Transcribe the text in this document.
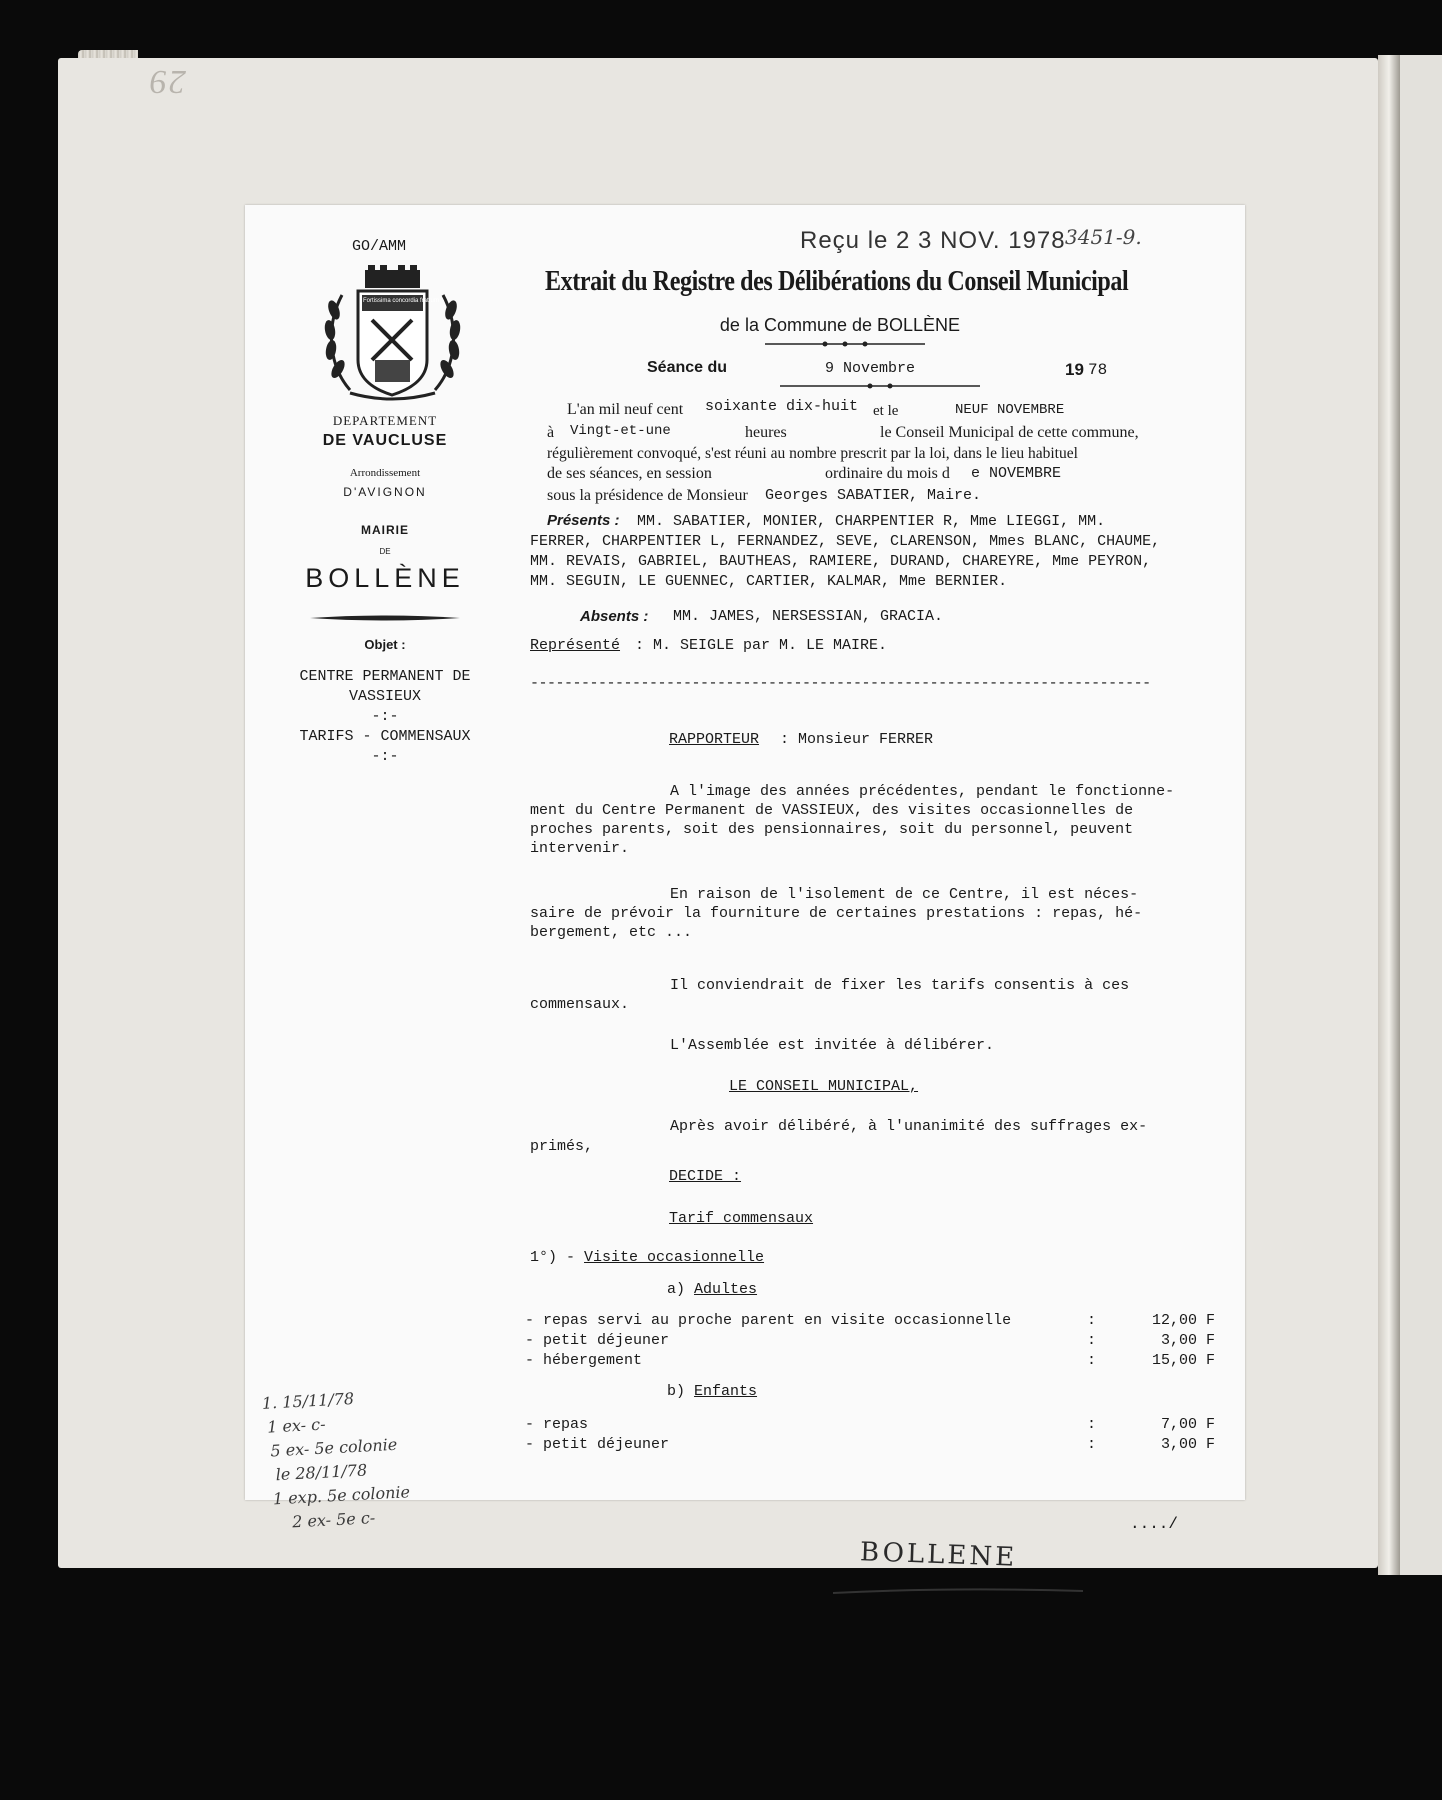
29
GO/AMM
Fortissima concordia fratrum
DEPARTEMENT
DE VAUCLUSE
Arrondissement
D'AVIGNON
MAIRIE
DE
BOLLÈNE
Objet :
CENTRE PERMANENT DE
VASSIEUX
-:-
TARIFS - COMMENSAUX
-:-
Reçu le 2 3 NOV. 1978 3451-9.
Extrait du Registre des Délibérations du Conseil Municipal
de la Commune de BOLLÈNE
Séance du	9 Novembre	19 78
L'an mil neuf cent soixante dix-huit et le	NEUF NOVEMBRE
à Vingt-et-une	heures	le Conseil Municipal de cette commune,
régulièrement convoqué, s'est réuni au nombre prescrit par la loi, dans le lieu habituel
de ses séances, en session	ordinaire du mois d e NOVEMBRE
sous la présidence de Monsieur Georges SABATIER, Maire.
Présents : MM. SABATIER, MONIER, CHARPENTIER R, Mme LIEGGI, MM.
FERRER, CHARPENTIER L, FERNANDEZ, SEVE, CLARENSON, Mmes BLANC, CHAUME,
MM. REVAIS, GABRIEL, BAUTHEAS, RAMIERE, DURAND, CHAREYRE, Mme PEYRON,
MM. SEGUIN, LE GUENNEC, CARTIER, KALMAR, Mme BERNIER.
Absents : MM. JAMES, NERSESSIAN, GRACIA.
Représenté : M. SEIGLE par M. LE MAIRE.
-------------------------------------------------------------------------
RAPPORTEUR : Monsieur FERRER
A l'image des années précédentes, pendant le fonctionne-
ment du Centre Permanent de VASSIEUX, des visites occasionnelles de
proches parents, soit des pensionnaires, soit du personnel, peuvent
intervenir.
En raison de l'isolement de ce Centre, il est néces-
saire de prévoir la fourniture de certaines prestations : repas, hé-
bergement, etc ...
Il conviendrait de fixer les tarifs consentis à ces
commensaux.
L'Assemblée est invitée à délibérer.
LE CONSEIL MUNICIPAL,
Après avoir délibéré, à l'unanimité des suffrages ex-
primés,
DECIDE :
Tarif commensaux
1°) - Visite occasionnelle
a) Adultes
- repas servi au proche parent en visite occasionnelle	:	12,00 F
- petit déjeuner	:	3,00 F
- hébergement	:	15,00 F
b) Enfants
- repas	:	7,00 F
- petit déjeuner	:	3,00 F
..../
1. 15/11/78
1 ex- c-
5 ex- 5e colonie
le 28/11/78
1 exp. 5e colonie
2 ex- 5e c-
BOLLENE
